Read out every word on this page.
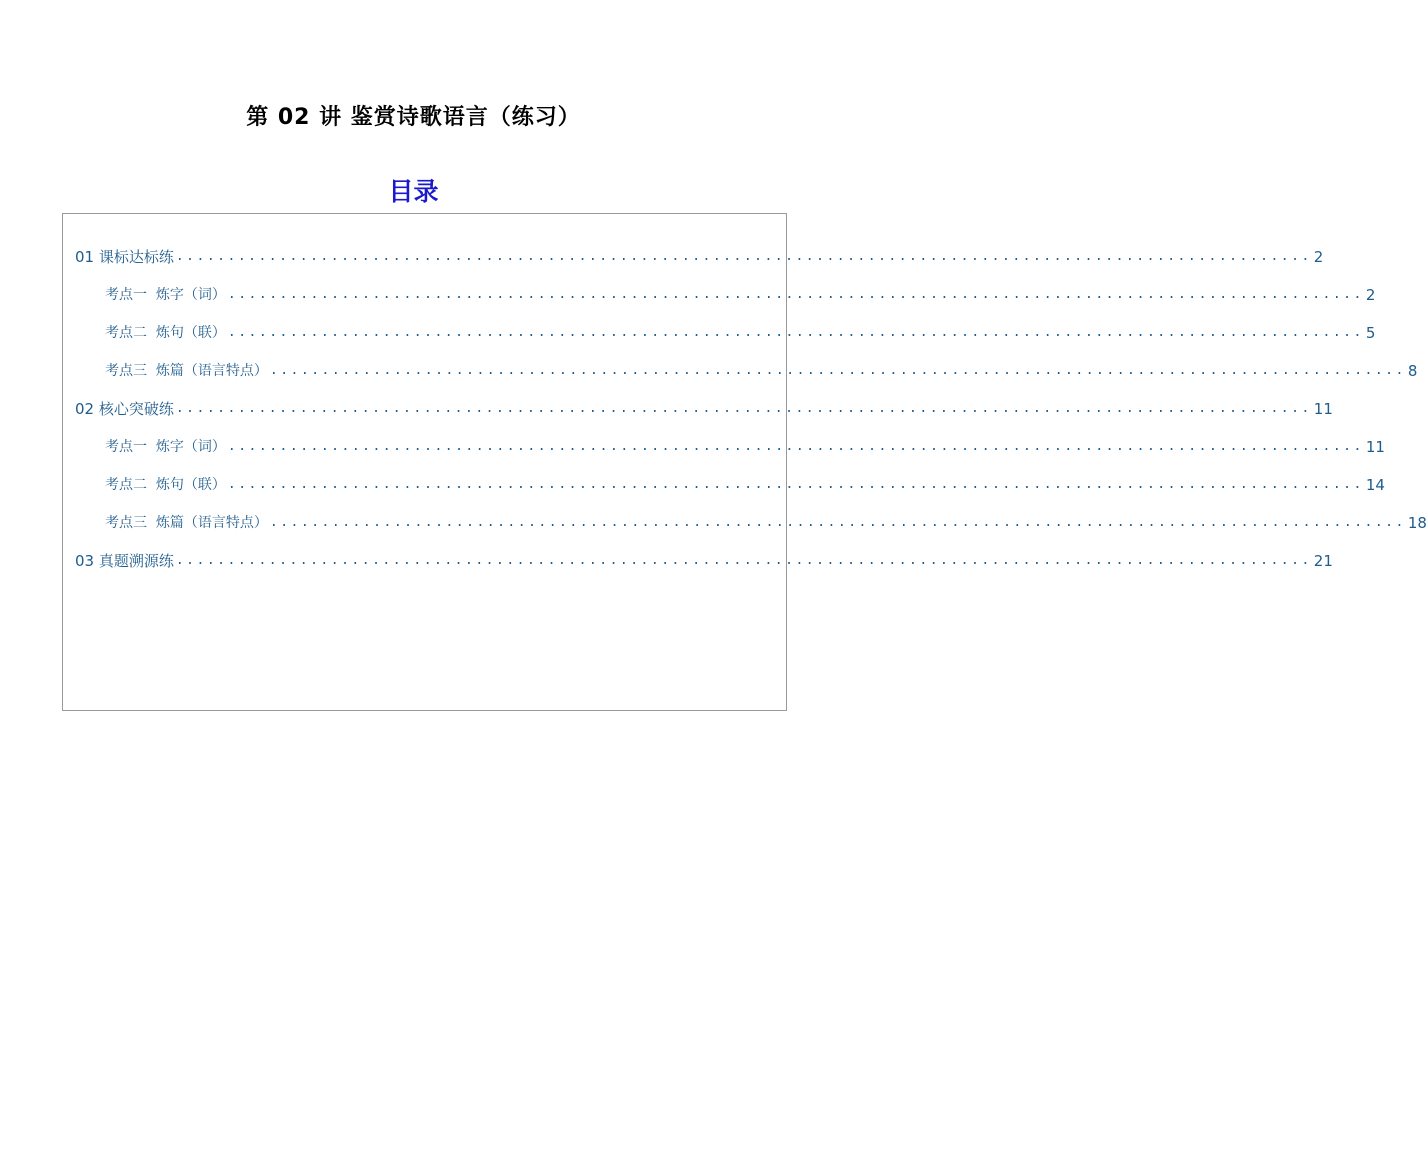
第 02 讲 鉴赏诗歌语言（练习）
目录
01 课标达标练 .............................................................................................................. 2
考点一  炼字（词） .............................................................................................................. 2
考点二  炼句（联） .............................................................................................................. 5
考点三  炼篇（语言特点） .............................................................................................................. 8
02 核心突破练 .............................................................................................................. 11
考点一  炼字（词） .............................................................................................................. 11
考点二  炼句（联） .............................................................................................................. 14
考点三  炼篇（语言特点） .............................................................................................................. 18
03 真题溯源练 .............................................................................................................. 21
